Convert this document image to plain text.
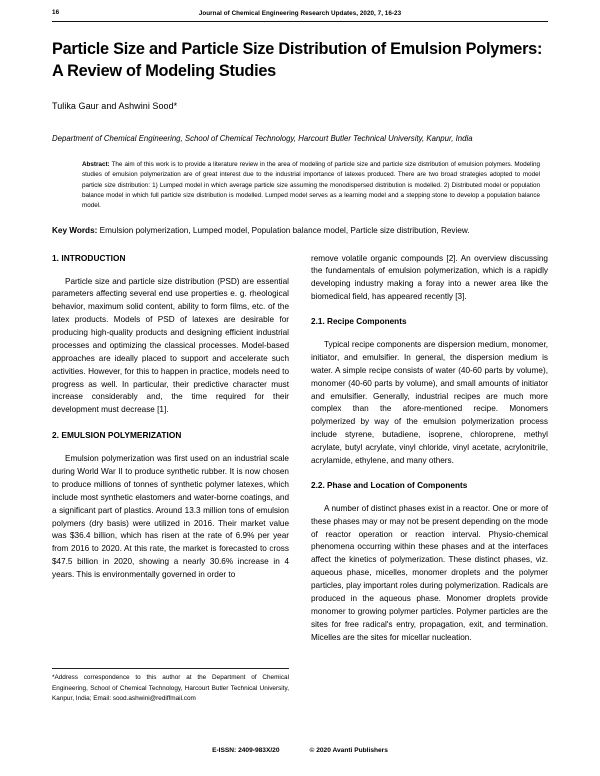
16	Journal of Chemical Engineering Research Updates, 2020, 7, 16-23
Particle Size and Particle Size Distribution of Emulsion Polymers: A Review of Modeling Studies
Tulika Gaur and Ashwini Sood*
Department of Chemical Engineering, School of Chemical Technology, Harcourt Butler Technical University, Kanpur, India
Abstract: The aim of this work is to provide a literature review in the area of modeling of particle size and particle size distribution of emulsion polymers. Modeling studies of emulsion polymerization are of great interest due to the industrial importance of latexes produced. There are two broad strategies adopted to model particle size distribution: 1) Lumped model in which average particle size assuming the monodispersed distribution is modelled. 2) Distributed model or population balance model in which full particle size distribution is modelled. Lumped model serves as a learning model and a stepping stone to develop a population balance model.
Key Words: Emulsion polymerization, Lumped model, Population balance model, Particle size distribution, Review.
1. INTRODUCTION

Particle size and particle size distribution (PSD) are essential parameters affecting several end use properties e. g. rheological behavior, maximum solid content, ability to form films, etc. of the latex products. Models of PSD of latexes are desirable for producing high-quality products and designing efficient industrial processes and optimizing the classical processes. Model-based approaches are ideally placed to support and accelerate such activities. However, for this to happen in practice, models need to progress as well. In particular, their predictive character must increase considerably and, the time required for their development must decrease [1].

2. EMULSION POLYMERIZATION

Emulsion polymerization was first used on an industrial scale during World War II to produce synthetic rubber. It is now chosen to produce millions of tonnes of synthetic polymer latexes, which include most synthetic elastomers and water-borne coatings, and a significant part of plastics. Around 13.3 million tons of emulsion polymers (dry basis) were utilized in 2016. Their market value was $36.4 billion, which has risen at the rate of 6.9% per year from 2016 to 2020. At this rate, the market is forecasted to cross $47.5 billion in 2020, showing a nearly 30.6% increase in 4 years. This is environmentally governed in order to

*Address correspondence to this author at the Department of Chemical Engineering, School of Chemical Technology, Harcourt Butler Technical University, Kanpur, India; Email: sood.ashwini@rediffmail.com

remove volatile organic compounds [2]. An overview discussing the fundamentals of emulsion polymerization, which is a rapidly developing industry making a foray into a newer area like the biomedical field, has appeared recently [3].

2.1. Recipe Components

Typical recipe components are dispersion medium, monomer, initiator, and emulsifier. In general, the dispersion medium is water. A simple recipe consists of water (40-60 parts by volume), monomer (40-60 parts by volume), and small amounts of initiator and emulsifier. Generally, industrial recipes are much more complex than the afore-mentioned recipe. Monomers polymerized by way of the emulsion polymerization process include styrene, butadiene, isoprene, chloroprene, methyl acrylate, butyl acrylate, vinyl chloride, vinyl acetate, acrylonitrile, acrylamide, ethylene, and many others.

2.2. Phase and Location of Components

A number of distinct phases exist in a reactor. One or more of these phases may or may not be present depending on the mode of reactor operation or reaction interval. Physio-chemical phenomena occurring within these phases and at the interfaces affect the kinetics of polymerization. These distinct phases, viz. aqueous phase, micelles, monomer droplets and the polymer particles, play important roles during polymerization. Radicals are produced in the aqueous phase. Monomer droplets provide monomer to growing polymer particles. Polymer particles are the sites for free radical's entry, propagation, exit, and termination. Micelles are the sites for micellar nucleation.

E-ISSN: 2409-983X/20	© 2020 Avanti Publishers
